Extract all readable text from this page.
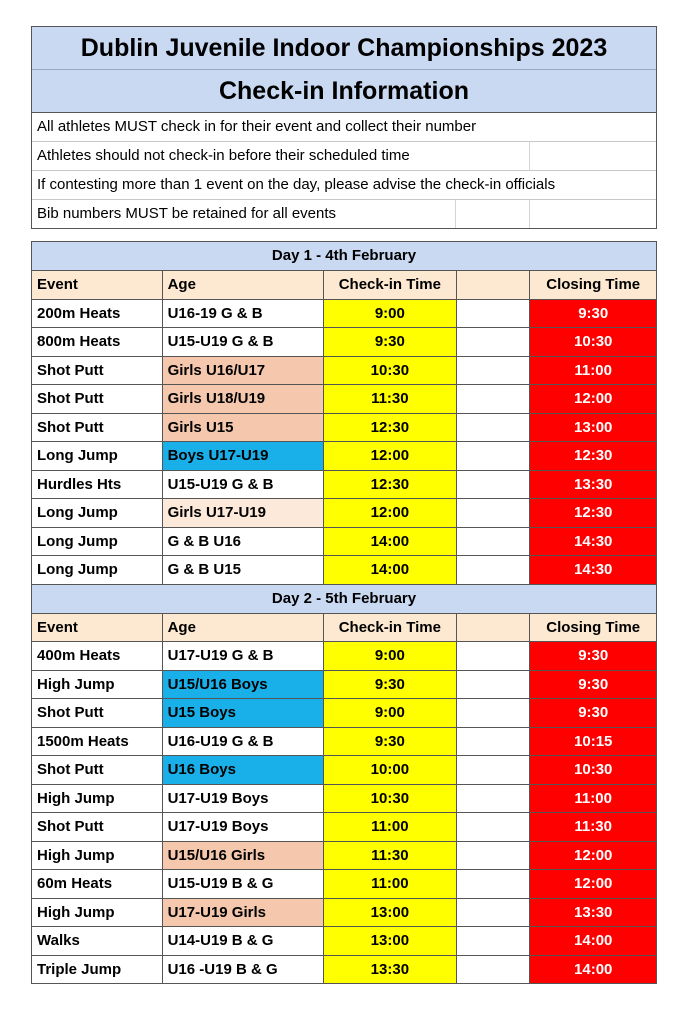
Dublin Juvenile Indoor Championships 2023
Check-in Information
All athletes MUST check in for their event and collect their number
Athletes should not check-in before their scheduled time
If contesting more than 1 event on the day, please advise the check-in officials
Bib numbers MUST be retained for all events
Day 1 - 4th February
Event	Age	Check-in Time	Closing Time
200m Heats	U16-19 G & B	9:00	9:30
800m Heats	U15-U19 G & B	9:30	10:30
Shot Putt	Girls U16/U17	10:30	11:00
Shot Putt	Girls U18/U19	11:30	12:00
Shot Putt	Girls U15	12:30	13:00
Long Jump	Boys U17-U19	12:00	12:30
Hurdles Hts	U15-U19 G & B	12:30	13:30
Long Jump	Girls U17-U19	12:00	12:30
Long Jump	G & B U16	14:00	14:30
Long Jump	G & B U15	14:00	14:30
Day 2 - 5th February
Event	Age	Check-in Time	Closing Time
400m Heats	U17-U19 G & B	9:00	9:30
High Jump	U15/U16 Boys	9:30	9:30
Shot Putt	U15 Boys	9:00	9:30
1500m Heats	U16-U19 G & B	9:30	10:15
Shot Putt	U16 Boys	10:00	10:30
High Jump	U17-U19 Boys	10:30	11:00
Shot Putt	U17-U19 Boys	11:00	11:30
High Jump	U15/U16 Girls	11:30	12:00
60m Heats	U15-U19 B & G	11:00	12:00
High Jump	U17-U19 Girls	13:00	13:30
Walks	U14-U19 B & G	13:00	14:00
Triple Jump	U16 -U19 B & G	13:30	14:00
